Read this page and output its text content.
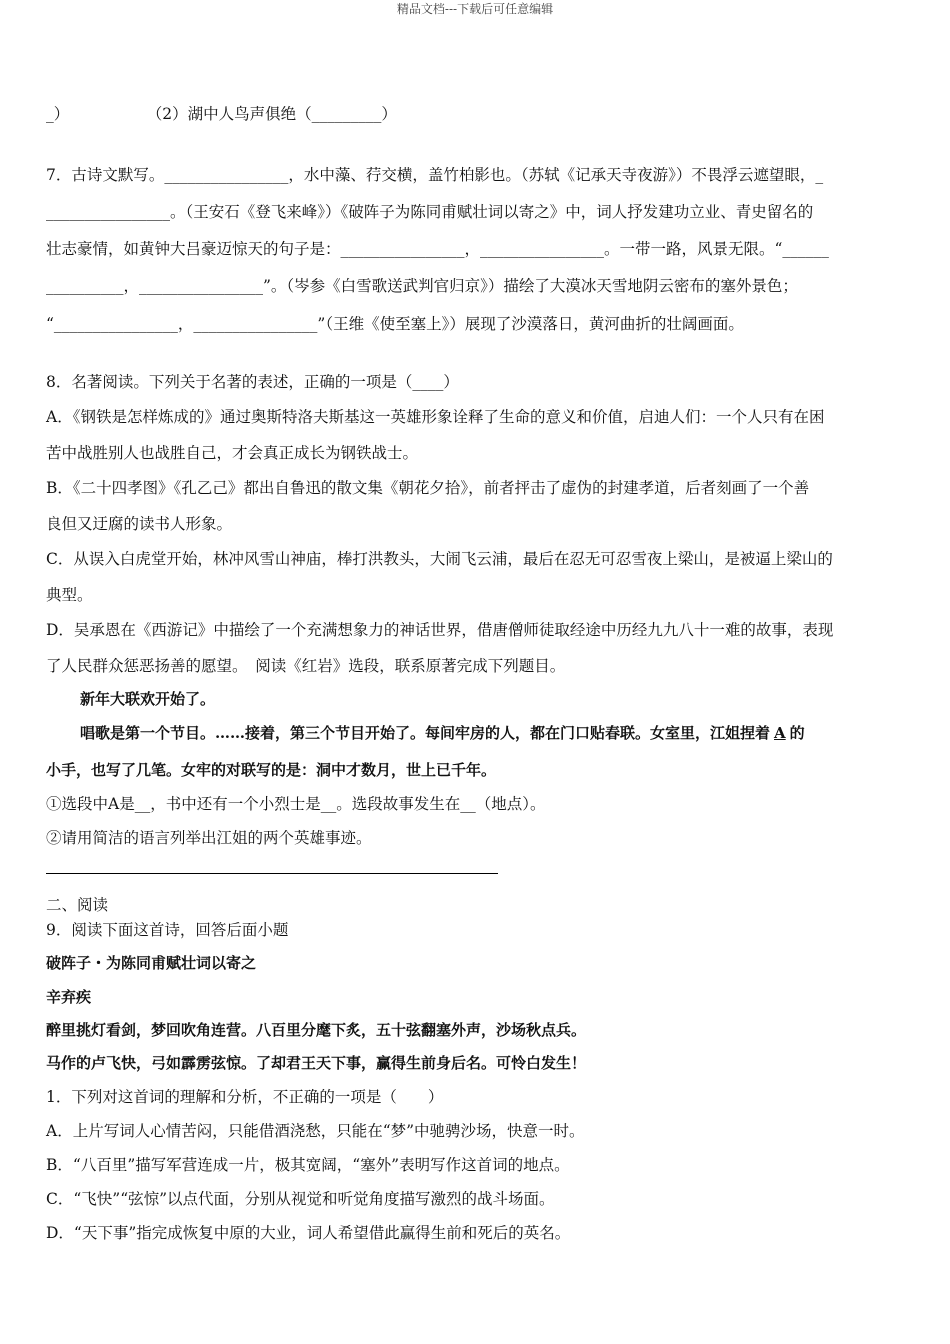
精品文档---下载后可任意编辑
_）　　　　　　（2）湖中人鸟声俱绝（_________）
7．古诗文默写。________________，水中藻、荇交横，盖竹柏影也。（苏轼《记承天寺夜游》）不畏浮云遮望眼，_
________________。（王安石《登飞来峰》）《破阵子为陈同甫赋壮词以寄之》中，词人抒发建功立业、青史留名的
壮志豪情，如黄钟大吕豪迈惊天的句子是：________________，________________。一带一路，风景无限。“______
__________，________________”。（岑参《白雪歌送武判官归京》）描绘了大漠冰天雪地阴云密布的塞外景色；
“________________，________________”（王维《使至塞上》）展现了沙漠落日，黄河曲折的壮阔画面。
8．名著阅读。下列关于名著的表述，正确的一项是（____）
A．《钢铁是怎样炼成的》通过奥斯特洛夫斯基这一英雄形象诠释了生命的意义和价值，启迪人们：一个人只有在困
苦中战胜别人也战胜自己，才会真正成长为钢铁战士。
B．《二十四孝图》《孔乙己》都出自鲁迅的散文集《朝花夕拾》，前者抨击了虚伪的封建孝道，后者刻画了一个善
良但又迂腐的读书人形象。
C．从误入白虎堂开始，林冲风雪山神庙，棒打洪教头，大闹飞云浦，最后在忍无可忍雪夜上梁山，是被逼上梁山的
典型。
D．吴承恩在《西游记》中描绘了一个充满想象力的神话世界，借唐僧师徒取经途中历经九九八十一难的故事，表现
了人民群众惩恶扬善的愿望。　阅读《红岩》选段，联系原著完成下列题目。
新年大联欢开始了。
唱歌是第一个节目。……接着，第三个节目开始了。每间牢房的人，都在门口贴春联。女室里，江姐捏着 A 的
小手，也写了几笔。女牢的对联写的是：洞中才数月，世上已千年。
①选段中A是__，书中还有一个小烈士是__。选段故事发生在__（地点）。
②请用简洁的语言列举出江姐的两个英雄事迹。
二、阅读
9．阅读下面这首诗，回答后面小题
破阵子・为陈同甫赋壮词以寄之
辛弃疾
醉里挑灯看剑，梦回吹角连营。八百里分麾下炙，五十弦翻塞外声，沙场秋点兵。
马作的卢飞快，弓如霹雳弦惊。了却君王天下事，赢得生前身后名。可怜白发生！
1．下列对这首词的理解和分析，不正确的一项是（　　）
A．上片写词人心情苦闷，只能借酒浇愁，只能在“梦”中驰骋沙场，快意一时。
B．“八百里”描写军营连成一片，极其宽阔，“塞外”表明写作这首词的地点。
C．“飞快”“弦惊”以点代面，分别从视觉和听觉角度描写激烈的战斗场面。
D．“天下事”指完成恢复中原的大业，词人希望借此赢得生前和死后的英名。
